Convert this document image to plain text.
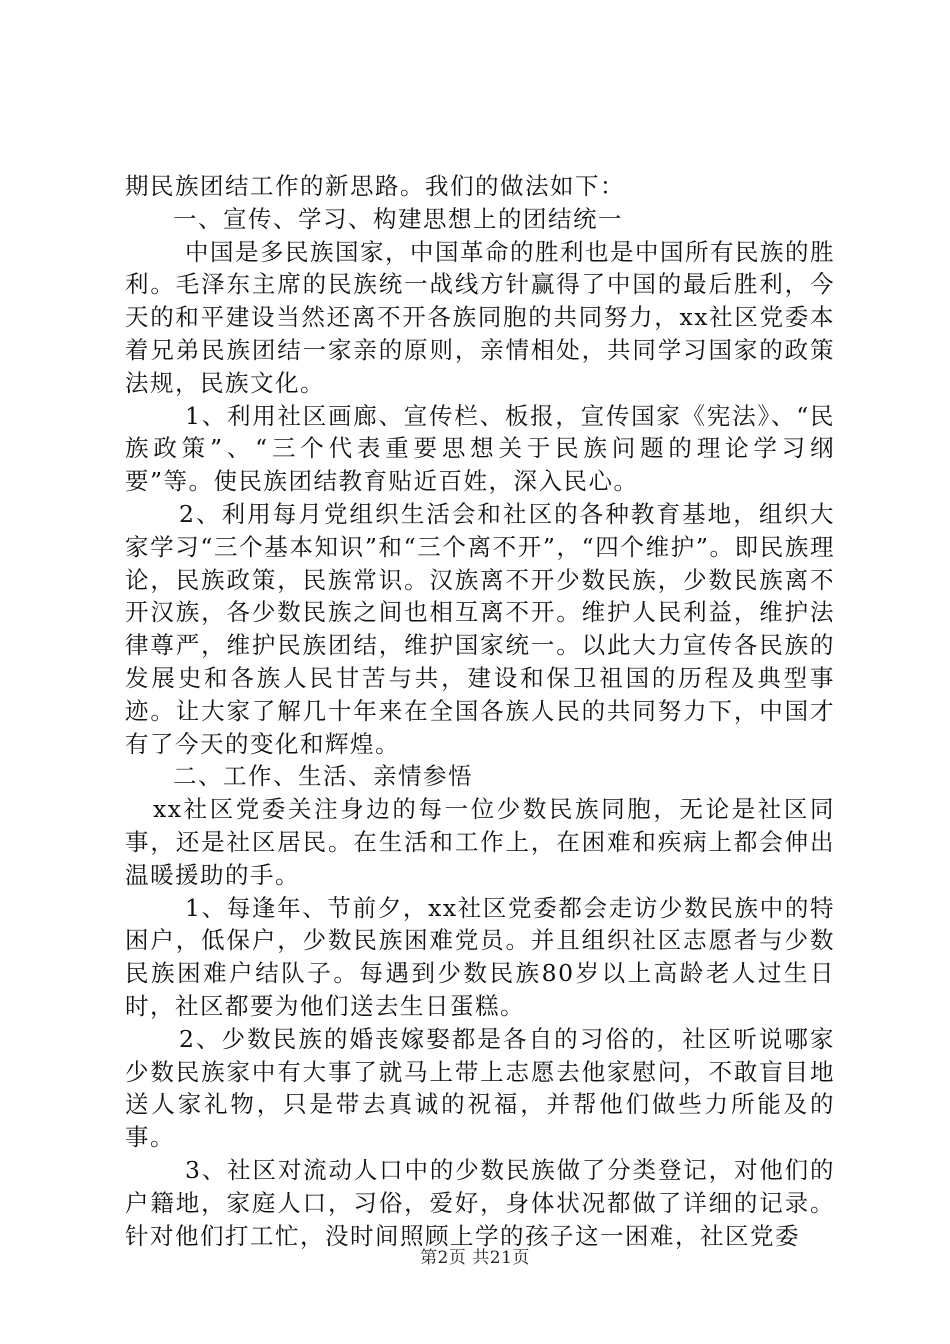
期民族团结工作的新思路。我们的做法如下：

一、宣传、学习、构建思想上的团结统一

中国是多民族国家，中国革命的胜利也是中国所有民族的胜利。毛泽东主席的民族统一战线方针赢得了中国的最后胜利，今天的和平建设当然还离不开各族同胞的共同努力，xx社区党委本着兄弟民族团结一家亲的原则，亲情相处，共同学习国家的政策法规，民族文化。

1、利用社区画廊、宣传栏、板报，宣传国家《宪法》、“民族政策”、“三个代表重要思想关于民族问题的理论学习纲要”等。使民族团结教育贴近百姓，深入民心。

2、利用每月党组织生活会和社区的各种教育基地，组织大家学习“三个基本知识”和“三个离不开”，“四个维护”。即民族理论，民族政策，民族常识。汉族离不开少数民族，少数民族离不开汉族，各少数民族之间也相互离不开。维护人民利益，维护法律尊严，维护民族团结，维护国家统一。以此大力宣传各民族的发展史和各族人民甘苦与共，建设和保卫祖国的历程及典型事迹。让大家了解几十年来在全国各族人民的共同努力下，中国才有了今天的变化和辉煌。

二、工作、生活、亲情参悟

xx社区党委关注身边的每一位少数民族同胞，无论是社区同事，还是社区居民。在生活和工作上，在困难和疾病上都会伸出温暖援助的手。

1、每逢年、节前夕，xx社区党委都会走访少数民族中的特困户，低保户，少数民族困难党员。并且组织社区志愿者与少数民族困难户结队子。每遇到少数民族80岁以上高龄老人过生日时，社区都要为他们送去生日蛋糕。

2、少数民族的婚丧嫁娶都是各自的习俗的，社区听说哪家少数民族家中有大事了就马上带上志愿去他家慰问，不敢盲目地送人家礼物，只是带去真诚的祝福，并帮他们做些力所能及的事。

3、社区对流动人口中的少数民族做了分类登记，对他们的户籍地，家庭人口，习俗，爱好，身体状况都做了详细的记录。针对他们打工忙，没时间照顾上学的孩子这一困难，社区党委

第2页 共21页
